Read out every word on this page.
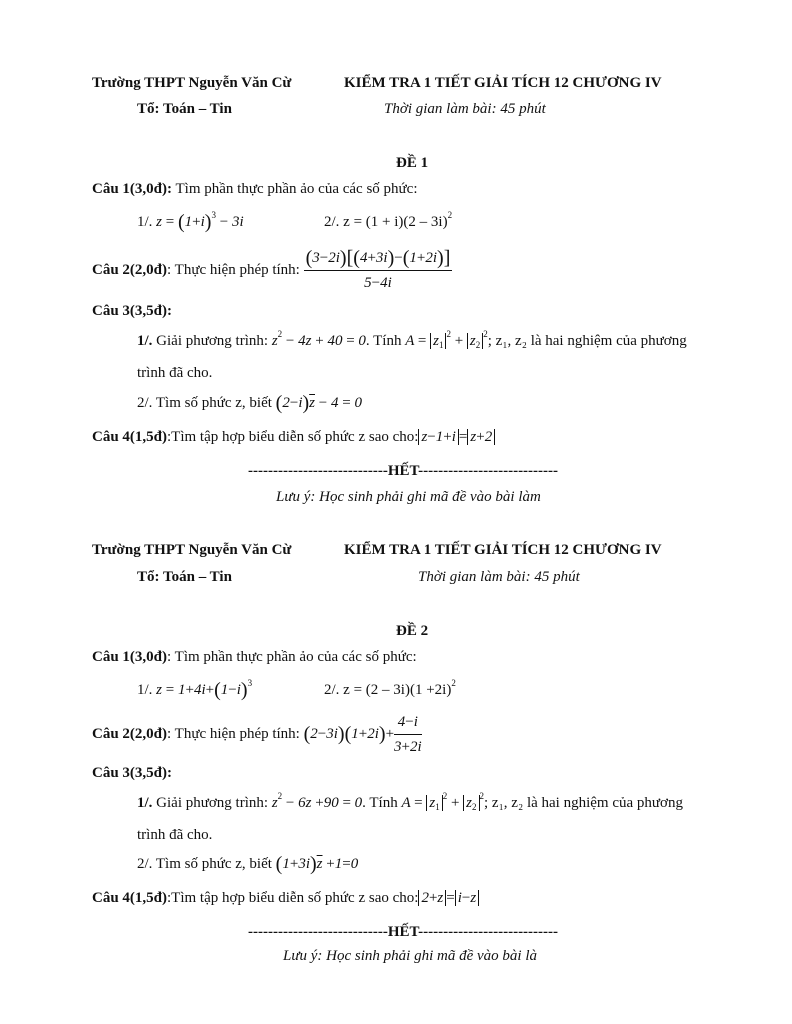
Trường THPT Nguyễn Văn Cừ	KIỂM TRA 1 TIẾT GIẢI TÍCH 12 CHƯƠNG IV
Tổ: Toán – Tin	Thời gian làm bài: 45 phút
ĐỀ 1
Câu 1(3,0đ): Tìm phần thực phần ảo của các số phức:
1/. $z = (1+i)^3 - 3i$	2/. z = (1 + i)(2 – 3i)$^2$
Câu 2(2,0đ): Thực hiện phép tính: $\frac{(3-2i)[(4+3i)-(1+2i)]}{5-4i}$
Câu 3(3,5đ):
1/. Giải phương trình: $z^2 - 4z + 40 = 0$. Tính $A = z_1^2 + z_2^2$; z₁, z₂ là hai nghiệm của phương
trình đã cho.
2/. Tìm số phức z, biết $(2-i)\overline{z} - 4 = 0$
Câu 4(1,5đ):Tìm tập hợp biểu diễn số phức z sao cho: z−1+i = z+2
----------------------------HẾT----------------------------
Lưu ý: Học sinh phải ghi mã đề vào bài làm
Trường THPT Nguyễn Văn Cừ	KIỂM TRA 1 TIẾT GIẢI TÍCH 12 CHƯƠNG IV
Tổ: Toán – Tin	Thời gian làm bài: 45 phút
ĐỀ 2
Câu 1(3,0đ): Tìm phần thực phần ảo của các số phức:
1/. $z = 1+4i+(1-i)^3$	2/. $z = (2 - 3i)(1 +2i)^2$
Câu 2(2,0đ): Thực hiện phép tính: $(2-3i)(1+2i)+ \frac{4-i}{3+2i}$
Câu 3(3,5đ):
1/. Giải phương trình: $z^2 - 6z +90 = 0$. Tính $A = z_1^2 + z_2^2$; z₁, z₂ là hai nghiệm của phương
trình đã cho.
2/. Tìm số phức z, biết $(1+3i)\overline{z} +1=0$
Câu 4(1,5đ):Tìm tập hợp biểu diễn số phức z sao cho: 2+z = i−z
----------------------------HẾT----------------------------
Lưu ý: Học sinh phải ghi mã đề vào bài là
